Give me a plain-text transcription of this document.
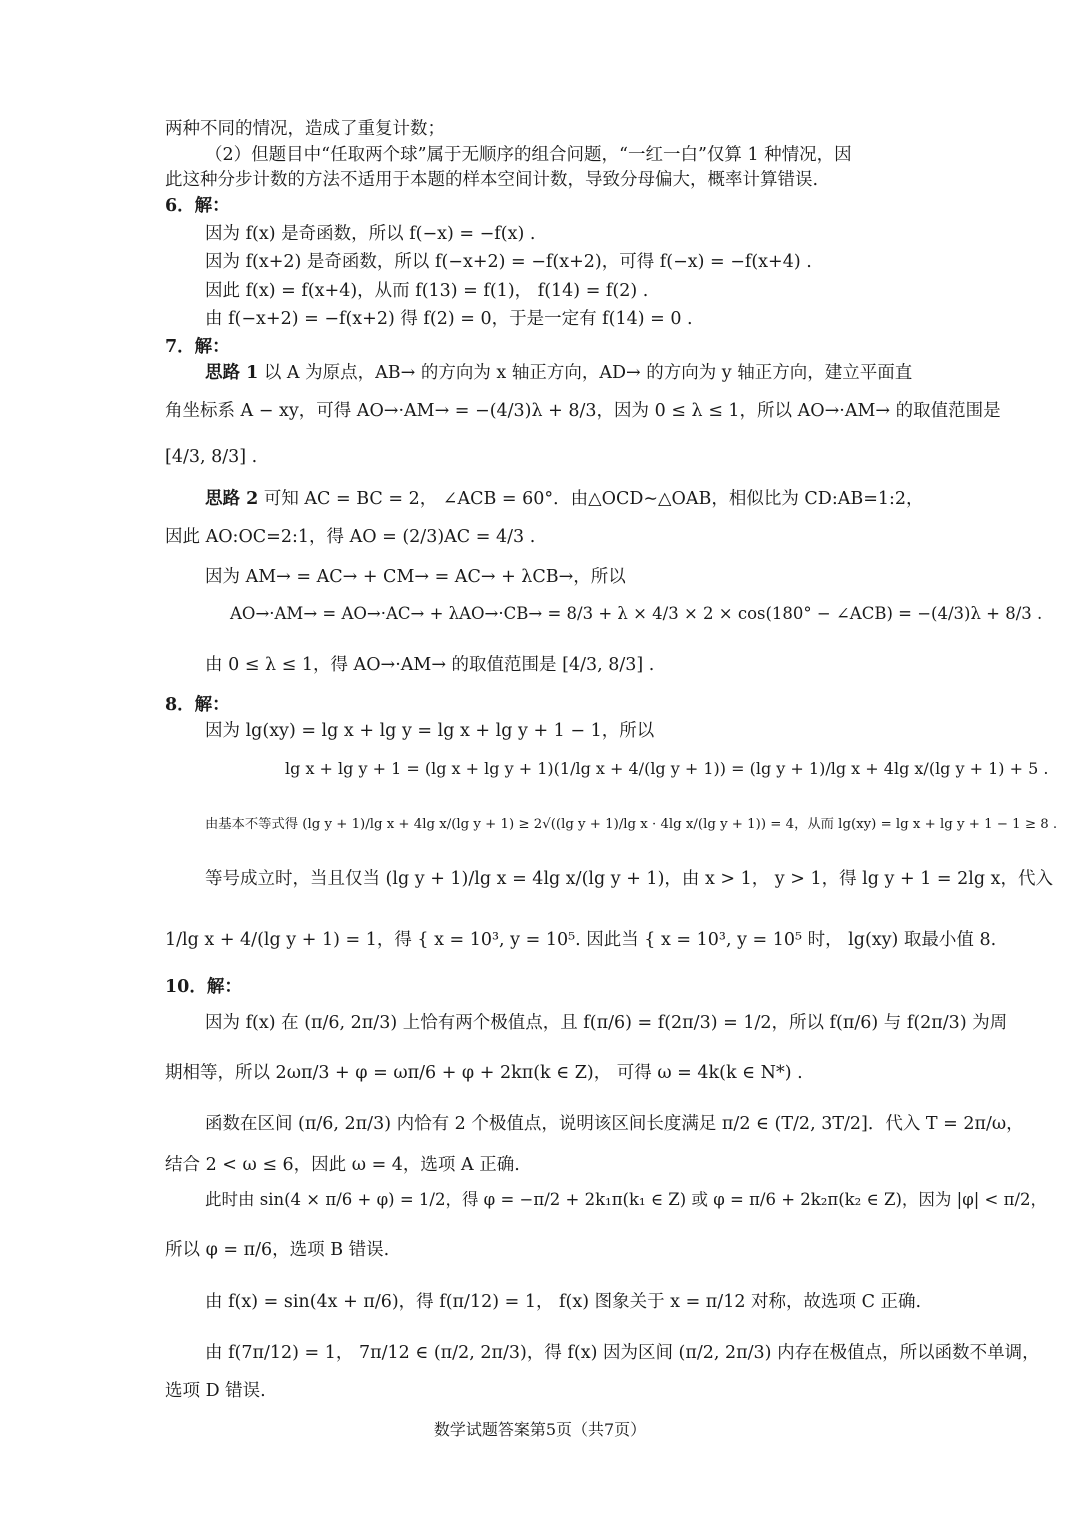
两种不同的情况，造成了重复计数；
（2）但题目中“任取两个球”属于无顺序的组合问题，“一红一白”仅算 1 种情况，因
此这种分步计数的方法不适用于本题的样本空间计数，导致分母偏大，概率计算错误.
6．解：
因为 f(x) 是奇函数，所以 f(−x) = −f(x) .
因为 f(x+2) 是奇函数，所以 f(−x+2) = −f(x+2)，可得 f(−x) = −f(x+4) .
因此 f(x) = f(x+4)，从而 f(13) = f(1)， f(14) = f(2) .
由 f(−x+2) = −f(x+2) 得 f(2) = 0，于是一定有 f(14) = 0 .
7．解：
思路 1 以 A 为原点，AB→ 的方向为 x 轴正方向，AD→ 的方向为 y 轴正方向，建立平面直
角坐标系 A − xy，可得 AO→·AM→ = −(4/3)λ + 8/3，因为 0 ≤ λ ≤ 1，所以 AO→·AM→ 的取值范围是
[4/3, 8/3] .
思路 2 可知 AC = BC = 2， ∠ACB = 60°．由△OCD∼△OAB，相似比为 CD:AB=1:2，
因此 AO:OC=2:1，得 AO = (2/3)AC = 4/3 .
因为 AM→ = AC→ + CM→ = AC→ + λCB→，所以
AO→·AM→ = AO→·AC→ + λAO→·CB→ = 8/3 + λ × 4/3 × 2 × cos(180° − ∠ACB) = −(4/3)λ + 8/3 .
由 0 ≤ λ ≤ 1，得 AO→·AM→ 的取值范围是 [4/3, 8/3] .
8．解：
因为 lg(xy) = lg x + lg y = lg x + lg y + 1 − 1，所以
lg x + lg y + 1 = (lg x + lg y + 1)(1/lg x + 4/(lg y + 1)) = (lg y + 1)/lg x + 4lg x/(lg y + 1) + 5 .
由基本不等式得 (lg y + 1)/lg x + 4lg x/(lg y + 1) ≥ 2√((lg y + 1)/lg x · 4lg x/(lg y + 1)) = 4，从而 lg(xy) = lg x + lg y + 1 − 1 ≥ 8 .
等号成立时，当且仅当 (lg y + 1)/lg x = 4lg x/(lg y + 1)，由 x > 1， y > 1，得 lg y + 1 = 2lg x，代入
1/lg x + 4/(lg y + 1) = 1，得 { x = 10³, y = 10⁵. 因此当 { x = 10³, y = 10⁵ 时， lg(xy) 取最小值 8.
10．解：
因为 f(x) 在 (π/6, 2π/3) 上恰有两个极值点，且 f(π/6) = f(2π/3) = 1/2，所以 f(π/6) 与 f(2π/3) 为周
期相等，所以 2ωπ/3 + φ = ωπ/6 + φ + 2kπ(k ∈ Z)， 可得 ω = 4k(k ∈ N*) .
函数在区间 (π/6, 2π/3) 内恰有 2 个极值点，说明该区间长度满足 π/2 ∈ (T/2, 3T/2]．代入 T = 2π/ω，
结合 2 < ω ≤ 6，因此 ω = 4，选项 A 正确.
此时由 sin(4 × π/6 + φ) = 1/2，得 φ = −π/2 + 2k₁π(k₁ ∈ Z) 或 φ = π/6 + 2k₂π(k₂ ∈ Z)，因为 |φ| < π/2，
所以 φ = π/6，选项 B 错误.
由 f(x) = sin(4x + π/6)，得 f(π/12) = 1， f(x) 图象关于 x = π/12 对称，故选项 C 正确.
由 f(7π/12) = 1， 7π/12 ∈ (π/2, 2π/3)，得 f(x) 因为区间 (π/2, 2π/3) 内存在极值点，所以函数不单调，
选项 D 错误.
数学试题答案第5页（共7页）
